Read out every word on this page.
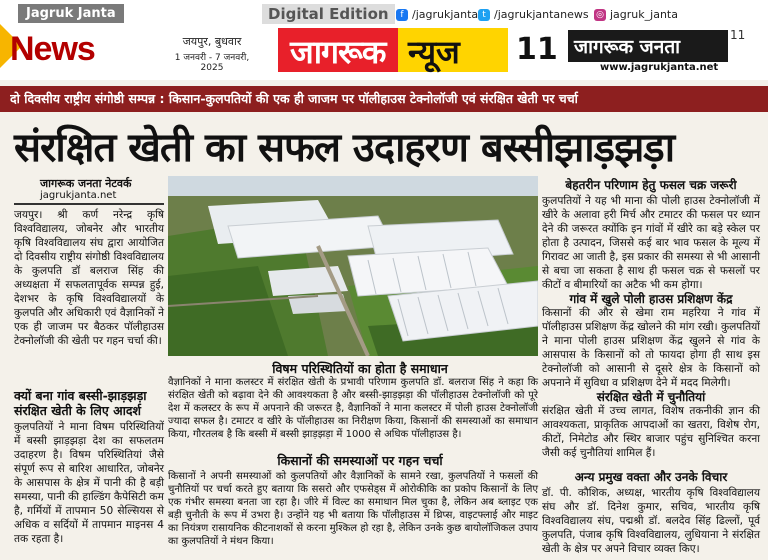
Jagruk Janta
News
Digital Edition	f /jagrukjanta t /jagrukjantanews ◎ jagruk_janta
जयपुर, बुधवार
1 जनवरी - 7 जनवरी, 2025	जागरूक न्यूज 11 जागरूक जनता
www.jagrukjanta.net
11
दो दिवसीय राष्ट्रीय संगोष्ठी सम्पन्न : किसान-कुलपतियों की एक ही जाजम पर पॉलीहाउस टेक्नोलॉजी एवं संरक्षित खेती पर चर्चा
संरक्षित खेती का सफल उदाहरण बस्सीझाड़झड़ा
जागरूक जनता नेटवर्क
jagrukjanta.net
जयपुर। श्री कर्ण नरेन्द्र कृषि विश्वविद्यालय, जोबनेर और भारतीय कृषि विश्वविद्यालय संघ द्वारा आयोजित दो दिवसीय राष्ट्रीय संगोष्ठी विश्वविद्यालय के कुलपति डॉ बलराज सिंह की अध्यक्षता में सफलतापूर्वक सम्पन्न हुई, देशभर के कृषि विश्वविद्यालयों के कुलपति और अधिकारी एवं वैज्ञानिकों ने एक ही जाजम पर बैठकर पॉलीहाउस टेक्नोलॉजी की खेती पर गहन चर्चा की।
क्यों बना गांव बस्सी-झाड़झड़ा संरक्षित खेती के लिए आदर्श
कुलपतियों ने माना विषम परिस्थितियों में बस्सी झाड़झड़ा देश का सफलतम उदाहरण है। विषम परिस्थितियां जैसे संपूर्ण रूप से बारिश आधारित, जोबनेर के आसपास के क्षेत्र में पानी की है बड़ी समस्या, पानी की हाल्डिंग कैपेसिटी कम है, गर्मियों में तापमान 50 सेल्सियस से अधिक व सर्दियों में तापमान माइनस 4 तक रहता है।
विषम परिस्थितियों का होता है समाधान
वैज्ञानिकों ने माना कलस्टर में संरक्षित खेती के प्रभावी परिणाम कुलपति डॉ. बलराज सिंह ने कहा कि संरक्षित खेती को बढ़ावा देने की आवश्यकता है और बस्सी-झाड़झड़ा की पॉलीहाउस टेक्नोलॉजी को पूरे देश में कलस्टर के रूप में अपनाने की जरूरत है, वैज्ञानिकों ने माना कलस्टर में पोली हाउस टेक्नोलॉजी ज्यादा सफल है। टमाटर व खीरे के पॉलीहाउस का निरीक्षण किया, किसानों की समस्याओं का समाधान किया, गौरतलब है कि बस्सी में बस्सी झाड़झड़ा में 1000 से अधिक पॉलीहाउस है।
किसानों की समस्याओं पर गहन चर्चा
किसानों ने अपनी समस्याओं को कुलपतियों और वैज्ञानिकों के सामने रखा, कुलपतियों ने फसलों की चुनौतियों पर चर्चा करते हुए बताया कि ससरो और एफसेड्स में ओरोकीकि का प्रकोप किसानों के लिए एक गंभीर समस्या बनता जा रहा है। जीरे में विल्ट का समाधान मिल चुका है, लेकिन अब ब्लाइट एक बड़ी चुनौती के रूप में उभरा है। उन्होंने यह भी बताया कि पॉलीहाउस में थ्रिप्स, वाइटफ्लाई और माइट का नियंत्रण रासायनिक कीटनाशकों से करना मुश्किल हो रहा है, लेकिन उनके कुछ बायोलॉजिकल उपाय का कुलपतियों ने मंथन किया।
बेहतरीन परिणाम हेतु फसल चक्र जरूरी
कुलपतियों ने यह भी माना की पोली हाउस टेक्नोलॉजी में खीरे के अलावा हरी मिर्च और टमाटर की फसल पर ध्यान देने की जरूरत क्योंकि इन गांवों में खीरे का बड़े स्केल पर होता है उत्पादन, जिससे कई बार भाव फसल के मूल्य में गिरावट आ जाती है, इस प्रकार की समस्या से भी आसानी से बचा जा सकता है साथ ही फसल चक्र से फसलों पर कीटों व बीमारियों का अटैक भी कम होगा।
गांव में खुले पोली हाउस प्रशिक्षण केंद्र
किसानों की और से खेमा राम महरिया ने गांव में पॉलीहाउस प्रशिक्षण केंद्र खोलने की मांग रखी। कुलपतियों ने माना पोली हाउस प्रशिक्षण केंद्र खुलने से गांव के आसपास के किसानों को तो फायदा होगा ही साथ इस टेक्नोलॉजी को आसानी से दूसरे क्षेत्र के किसानों को अपनाने में सुविधा व प्रशिक्षण देने में मदद मिलेगी।
संरक्षित खेती में चुनौतियां
संरक्षित खेती में उच्च लागत, विशेष तकनीकी ज्ञान की आवश्यकता, प्राकृतिक आपदाओं का खतरा, विशेष रोग, कीटों, निमेटोड और स्थिर बाजार पहुंच सुनिश्चित करना जैसी कई चुनौतियां शामिल हैं।
अन्य प्रमुख वक्ता और उनके विचार
डॉ. पी. कौशिक, अध्यक्ष, भारतीय कृषि विश्वविद्यालय संघ और डॉ. दिनेश कुमार, सचिव, भारतीय कृषि विश्वविद्यालय संघ, पद्मश्री डॉ. बलदेव सिंह ढिल्लों, पूर्व कुलपति, पंजाब कृषि विश्वविद्यालय, लुधियाना ने संरक्षित खेती के क्षेत्र पर अपने विचार व्यक्त किए।
